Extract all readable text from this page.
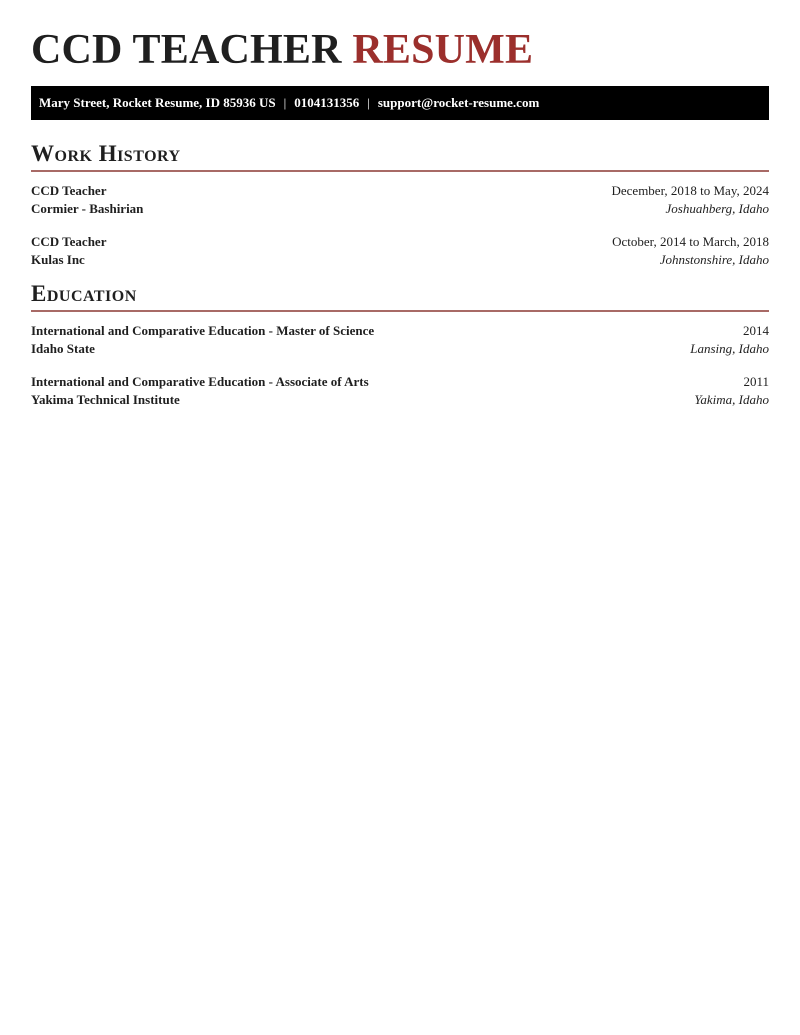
CCD TEACHER RESUME
Mary Street, Rocket Resume, ID 85936 US | 0104131356 | support@rocket-resume.com
Work History
CCD Teacher	December, 2018 to May, 2024
Cormier - Bashirian	Joshuahberg, Idaho
CCD Teacher	October, 2014 to March, 2018
Kulas Inc	Johnstonshire, Idaho
Education
International and Comparative Education - Master of Science	2014
Idaho State	Lansing, Idaho
International and Comparative Education - Associate of Arts	2011
Yakima Technical Institute	Yakima, Idaho
